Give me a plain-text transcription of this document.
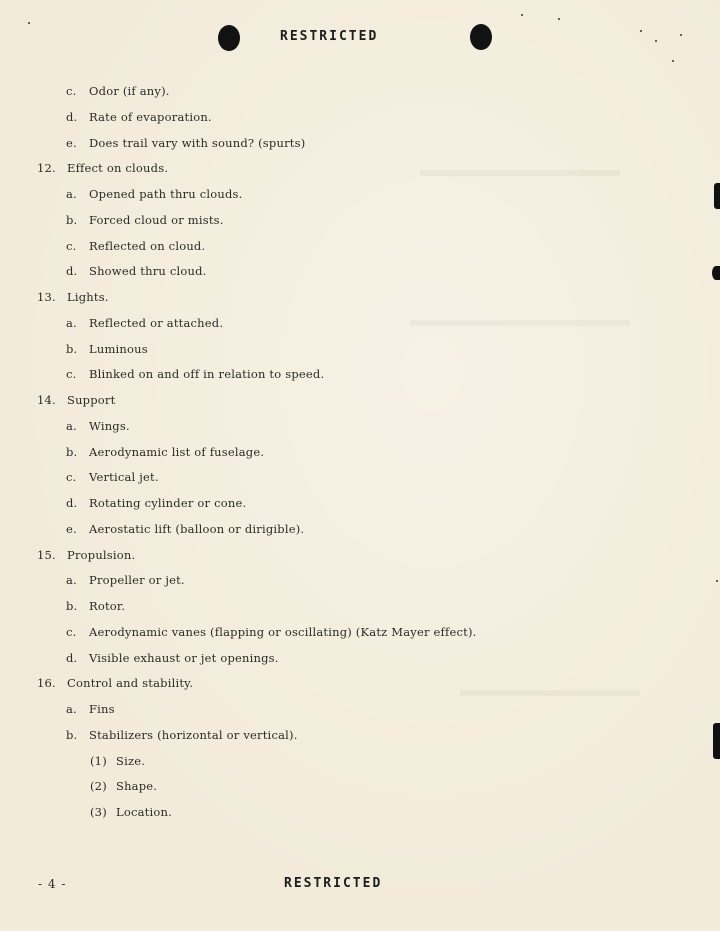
RESTRICTED
c. Odor (if any).
d. Rate of evaporation.
e. Does trail vary with sound? (spurts)
12. Effect on clouds.
a. Opened path thru clouds.
b. Forced cloud or mists.
c. Reflected on cloud.
d. Showed thru cloud.
13. Lights.
a. Reflected or attached.
b. Luminous
c. Blinked on and off in relation to speed.
14. Support
a. Wings.
b. Aerodynamic list of fuselage.
c. Vertical jet.
d. Rotating cylinder or cone.
e. Aerostatic lift (balloon or dirigible).
15. Propulsion.
a. Propeller or jet.
b. Rotor.
c. Aerodynamic vanes (flapping or oscillating) (Katz Mayer effect).
d. Visible exhaust or jet openings.
16. Control and stability.
a. Fins
b. Stabilizers (horizontal or vertical).
(1) Size.
(2) Shape.
(3) Location.
- 4 -	RESTRICTED
